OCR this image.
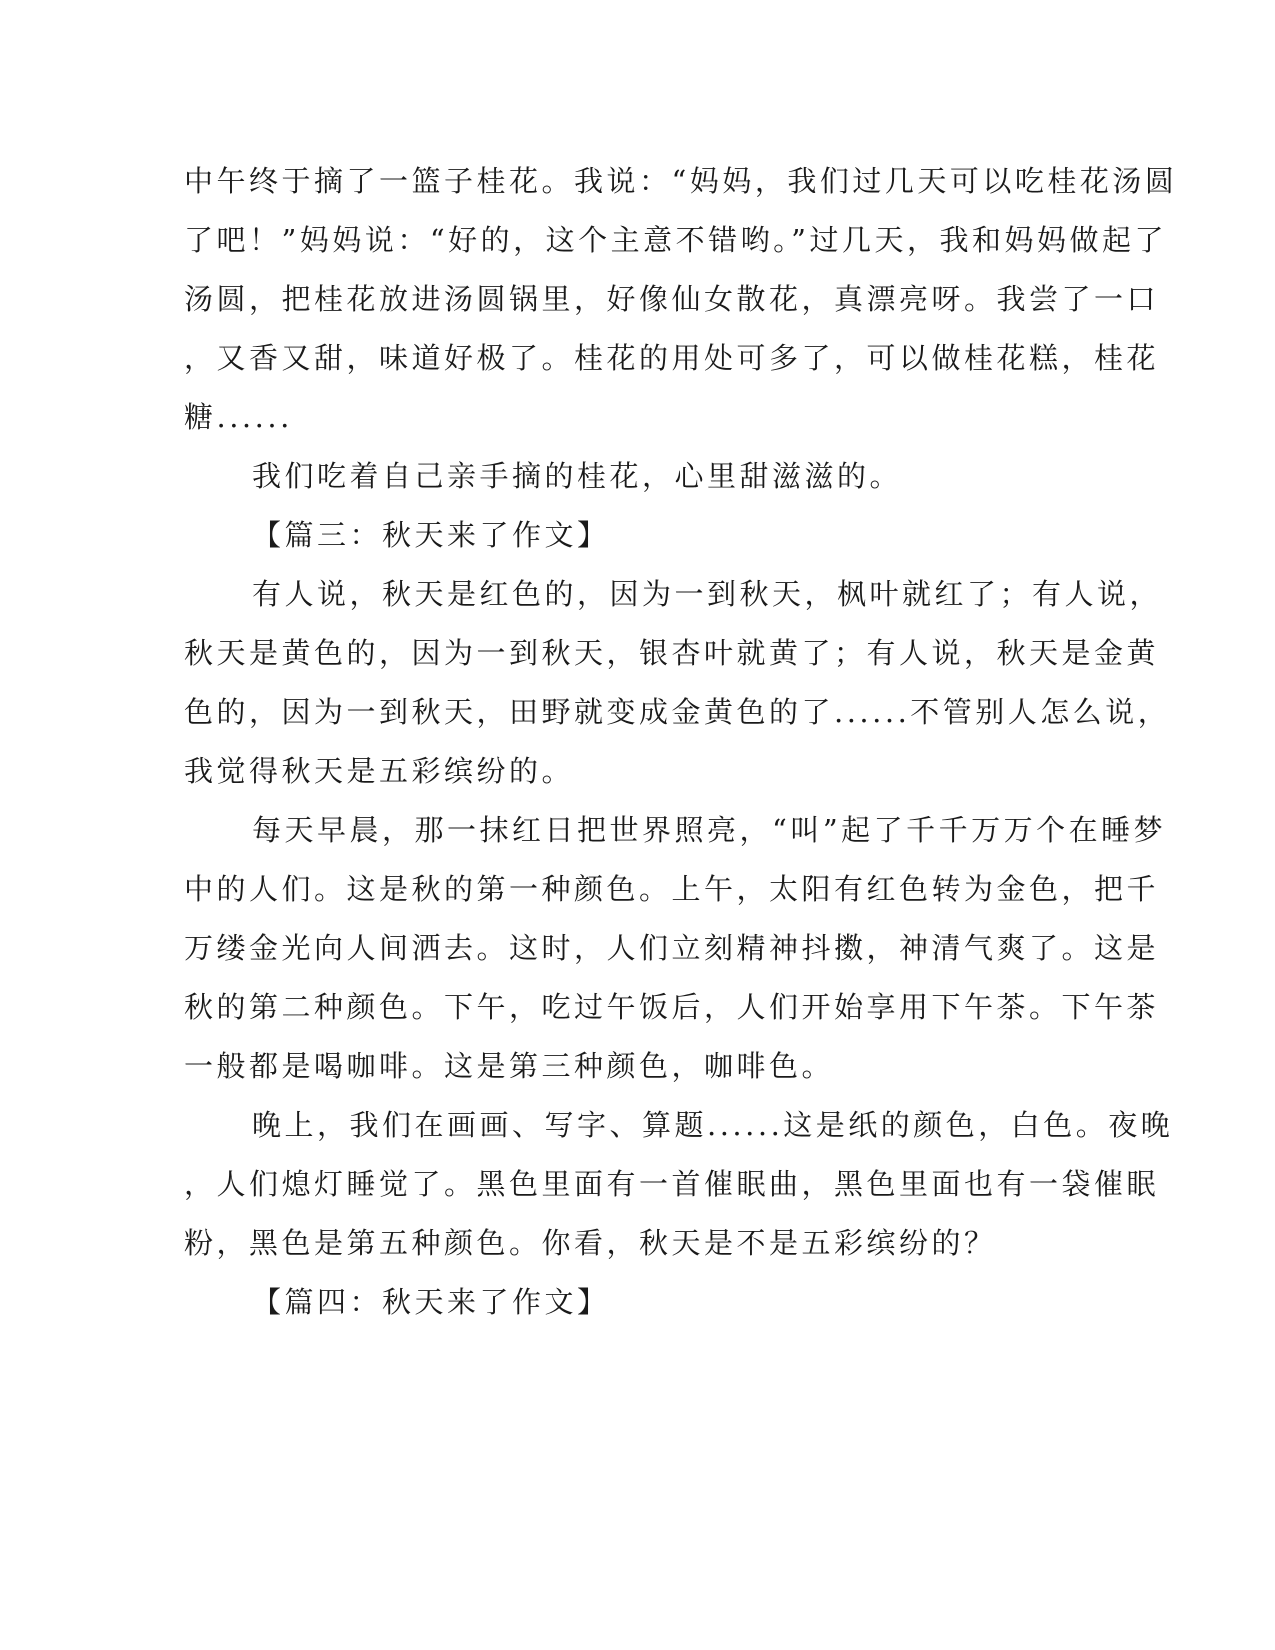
中午终于摘了一篮子桂花。我说：“妈妈，我们过几天可以吃桂花汤圆
了吧！”妈妈说：“好的，这个主意不错哟。”过几天，我和妈妈做起了
汤圆，把桂花放进汤圆锅里，好像仙女散花，真漂亮呀。我尝了一口
，又香又甜，味道好极了。桂花的用处可多了，可以做桂花糕，桂花
糖......
我们吃着自己亲手摘的桂花，心里甜滋滋的。
【篇三：秋天来了作文】
有人说，秋天是红色的，因为一到秋天，枫叶就红了；有人说，
秋天是黄色的，因为一到秋天，银杏叶就黄了；有人说，秋天是金黄
色的，因为一到秋天，田野就变成金黄色的了......不管别人怎么说，
我觉得秋天是五彩缤纷的。
每天早晨，那一抹红日把世界照亮，“叫”起了千千万万个在睡梦
中的人们。这是秋的第一种颜色。上午，太阳有红色转为金色，把千
万缕金光向人间洒去。这时，人们立刻精神抖擞，神清气爽了。这是
秋的第二种颜色。下午，吃过午饭后，人们开始享用下午茶。下午茶
一般都是喝咖啡。这是第三种颜色，咖啡色。
晚上，我们在画画、写字、算题......这是纸的颜色，白色。夜晚
，人们熄灯睡觉了。黑色里面有一首催眠曲，黑色里面也有一袋催眠
粉，黑色是第五种颜色。你看，秋天是不是五彩缤纷的？
【篇四：秋天来了作文】
